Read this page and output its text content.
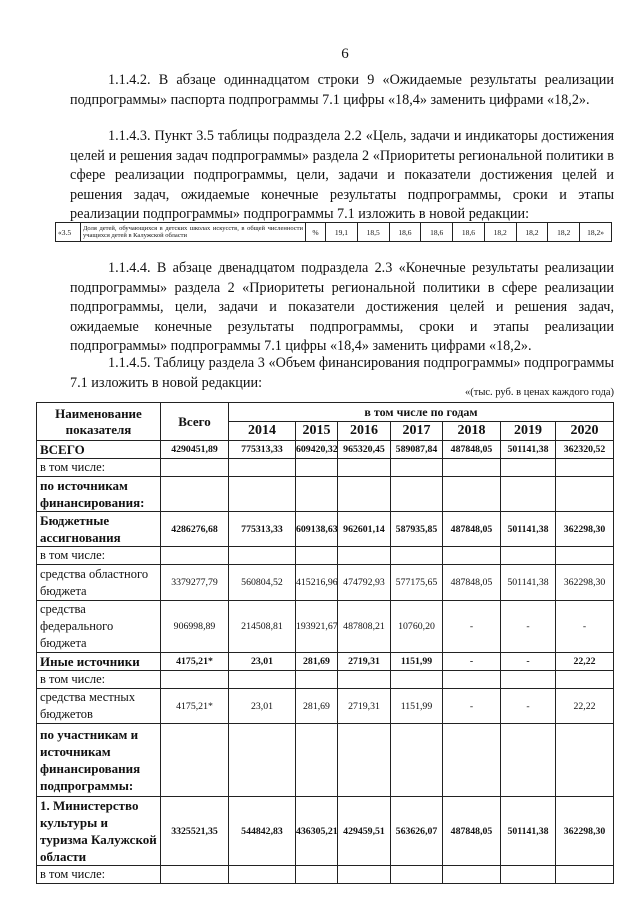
6

1.1.4.2. В абзаце одиннадцатом строки 9 «Ожидаемые результаты реализации подпрограммы» паспорта подпрограммы 7.1 цифры «18,4» заменить цифрами «18,2».

1.1.4.3. Пункт 3.5 таблицы подраздела 2.2 «Цель, задачи и индикаторы достижения целей и решения задач подпрограммы» раздела 2 «Приоритеты региональной политики в сфере реализации подпрограммы, цели, задачи и показатели достижения целей и решения задач, ожидаемые конечные результаты подпрограммы, сроки и этапы реализации подпрограммы» подпрограммы 7.1 изложить в новой редакции:

«3.5	Доля детей, обучающихся в детских школах искусств, в общей численности учащихся детей в Калужской области	%	19,1	18,5	18,6	18,6	18,6	18,2	18,2	18,2	18,2»

1.1.4.4. В абзаце двенадцатом подраздела 2.3 «Конечные результаты реализации подпрограммы» раздела 2 «Приоритеты региональной политики в сфере реализации подпрограммы, цели, задачи и показатели достижения целей и решения задач, ожидаемые конечные результаты подпрограммы, сроки и этапы реализации подпрограммы» подпрограммы 7.1 цифры «18,4» заменить цифрами «18,2».

1.1.4.5. Таблицу раздела 3 «Объем финансирования подпрограммы» подпрограммы 7.1 изложить в новой редакции:

«(тыс. руб. в ценах каждого года)
Наименование показателя	Всего	в том числе по годам						
		2014	2015	2016	2017	2018	2019	2020
ВСЕГО	4290451,89	775313,33	609420,32	965320,45	589087,84	487848,05	501141,38	362320,52
в том числе:								
по источникам финансирования:								
Бюджетные ассигнования	4286276,68	775313,33	609138,63	962601,14	587935,85	487848,05	501141,38	362298,30
в том числе:								
средства областного бюджета	3379277,79	560804,52	415216,96	474792,93	577175,65	487848,05	501141,38	362298,30
средства федерального бюджета	906998,89	214508,81	193921,67	487808,21	10760,20	-	-	-
Иные источники	4175,21*	23,01	281,69	2719,31	1151,99	-	-	22,22
в том числе:								
средства местных бюджетов	4175,21*	23,01	281,69	2719,31	1151,99	-	-	22,22
по участникам и источникам финансирования подпрограммы:								
1. Министерство культуры и туризма Калужской области	3325521,35	544842,83	436305,21	429459,51	563626,07	487848,05	501141,38	362298,30
в том числе:								
